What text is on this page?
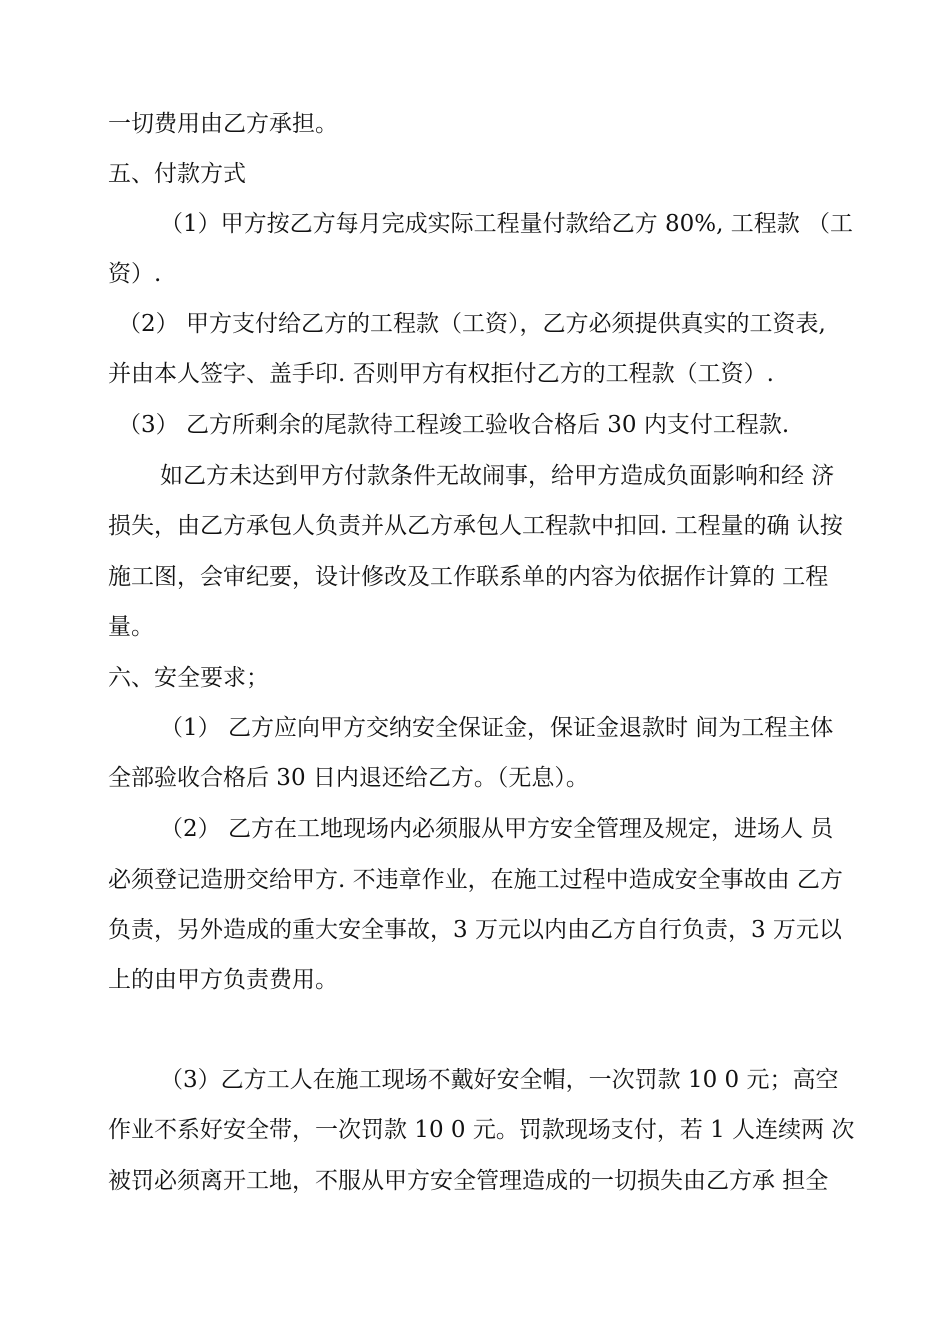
一切费用由乙方承担。
五、付款方式
（1）甲方按乙方每月完成实际工程量付款给乙方 80%, 工程款 （工
资）.
（2） 甲方支付给乙方的工程款（工资），乙方必须提供真实的工资表,
并由本人签字、盖手印. 否则甲方有权拒付乙方的工程款（工资）.
（3） 乙方所剩余的尾款待工程竣工验收合格后 30 内支付工程款.
如乙方未达到甲方付款条件无故闹事，给甲方造成负面影响和经 济
损失，由乙方承包人负责并从乙方承包人工程款中扣回. 工程量的确 认按
施工图，会审纪要，设计修改及工作联系单的内容为依据作计算的 工程
量。
六、安全要求；
（1） 乙方应向甲方交纳安全保证金，保证金退款时 间为工程主体
全部验收合格后 30 日内退还给乙方。（无息）。
（2） 乙方在工地现场内必须服从甲方安全管理及规定，进场人 员
必须登记造册交给甲方. 不违章作业，在施工过程中造成安全事故由 乙方
负责，另外造成的重大安全事故，3 万元以内由乙方自行负责，3 万元以
上的由甲方负责费用。
（3）乙方工人在施工现场不戴好安全帽，一次罚款 10 0 元；高空
作业不系好安全带，一次罚款 10 0 元。罚款现场支付，若 1 人连续两 次
被罚必须离开工地，不服从甲方安全管理造成的一切损失由乙方承 担全
